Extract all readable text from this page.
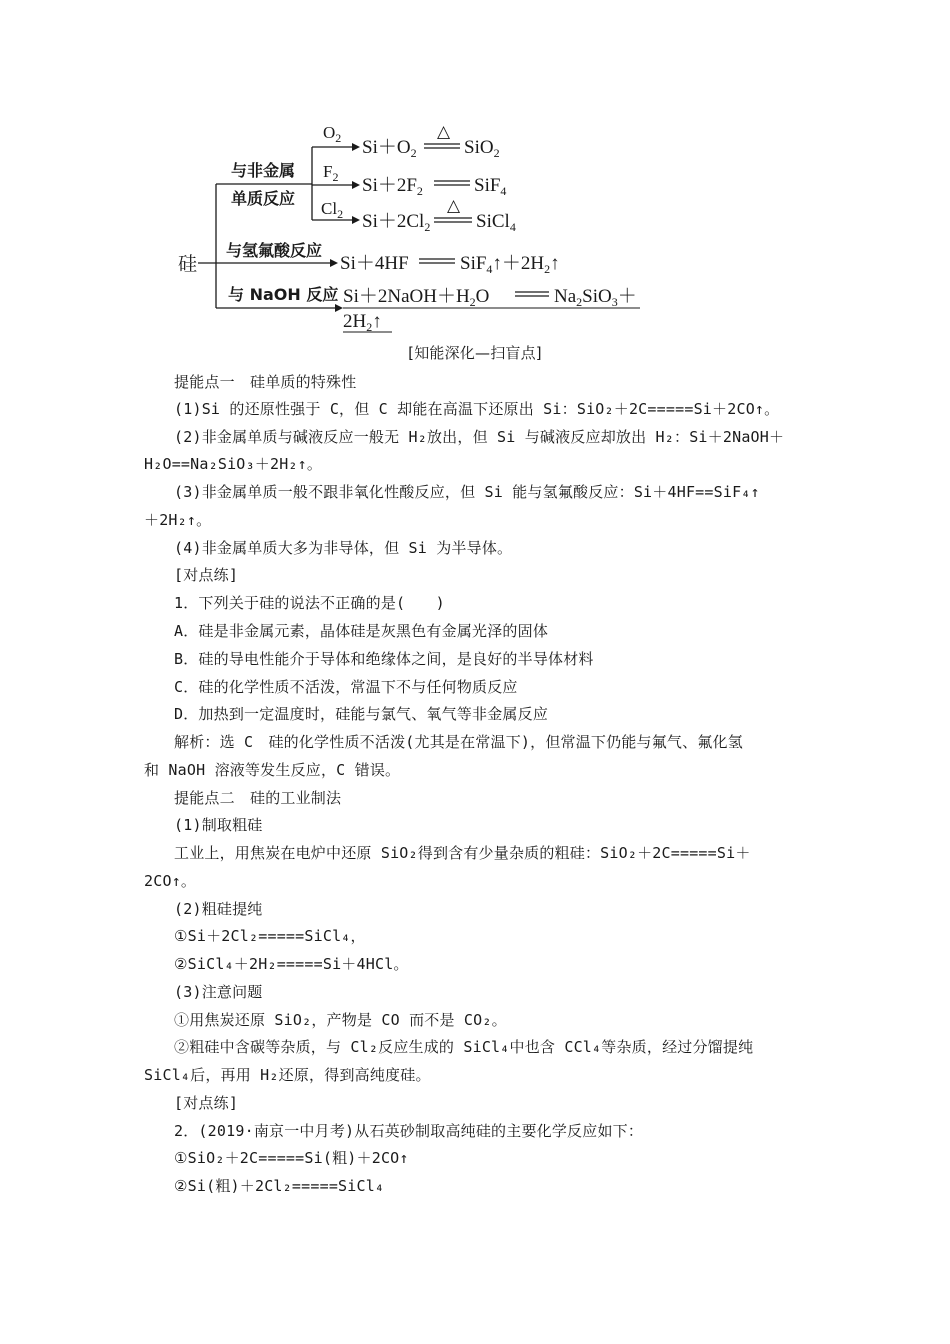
硅
与非金属
单质反应
$O_2$
$F_2$
$Cl_2$
$Si+O_2$
△
SiO$_2$
$Si+2F_2$	SiF$_4$
$Si+2Cl_2$
△
SiCl$_4$
与氢氟酸反应
Si＋4HF	$SiF_4↑+2H_2↑$
与 NaOH 反应 $Si+2NaOH+H_2O$	$Na_2SiO_3+$
$2H_2↑$
[知能深化—扫盲点]
提能点一　硅单质的特殊性
(1)Si 的还原性强于 C，但 C 却能在高温下还原出 Si：SiO₂＋2C=====Si＋2CO↑。
(2)非金属单质与碱液反应一般无 H₂放出，但 Si 与碱液反应却放出 H₂：Si＋2NaOH＋
H₂O==Na₂SiO₃＋2H₂↑。
(3)非金属单质一般不跟非氧化性酸反应，但 Si 能与氢氟酸反应：Si＋4HF==SiF₄↑
＋2H₂↑。
(4)非金属单质大多为非导体，但 Si 为半导体。
[对点练]
1．下列关于硅的说法不正确的是(　　)
A．硅是非金属元素，晶体硅是灰黑色有金属光泽的固体
B．硅的导电性能介于导体和绝缘体之间，是良好的半导体材料
C．硅的化学性质不活泼，常温下不与任何物质反应
D．加热到一定温度时，硅能与氯气、氧气等非金属反应
解析：选 C　硅的化学性质不活泼(尤其是在常温下)，但常温下仍能与氟气、氟化氢
和 NaOH 溶液等发生反应，C 错误。
提能点二　硅的工业制法
(1)制取粗硅
工业上，用焦炭在电炉中还原 SiO₂得到含有少量杂质的粗硅：SiO₂＋2C=====Si＋
2CO↑。
(2)粗硅提纯
①Si＋2Cl₂=====SiCl₄，
②SiCl₄＋2H₂=====Si＋4HCl。
(3)注意问题
①用焦炭还原 SiO₂，产物是 CO 而不是 CO₂。
②粗硅中含碳等杂质，与 Cl₂反应生成的 SiCl₄中也含 CCl₄等杂质，经过分馏提纯
SiCl₄后，再用 H₂还原，得到高纯度硅。
[对点练]
2．(2019·南京一中月考)从石英砂制取高纯硅的主要化学反应如下：
①SiO₂＋2C=====Si(粗)＋2CO↑
②Si(粗)＋2Cl₂=====SiCl₄
